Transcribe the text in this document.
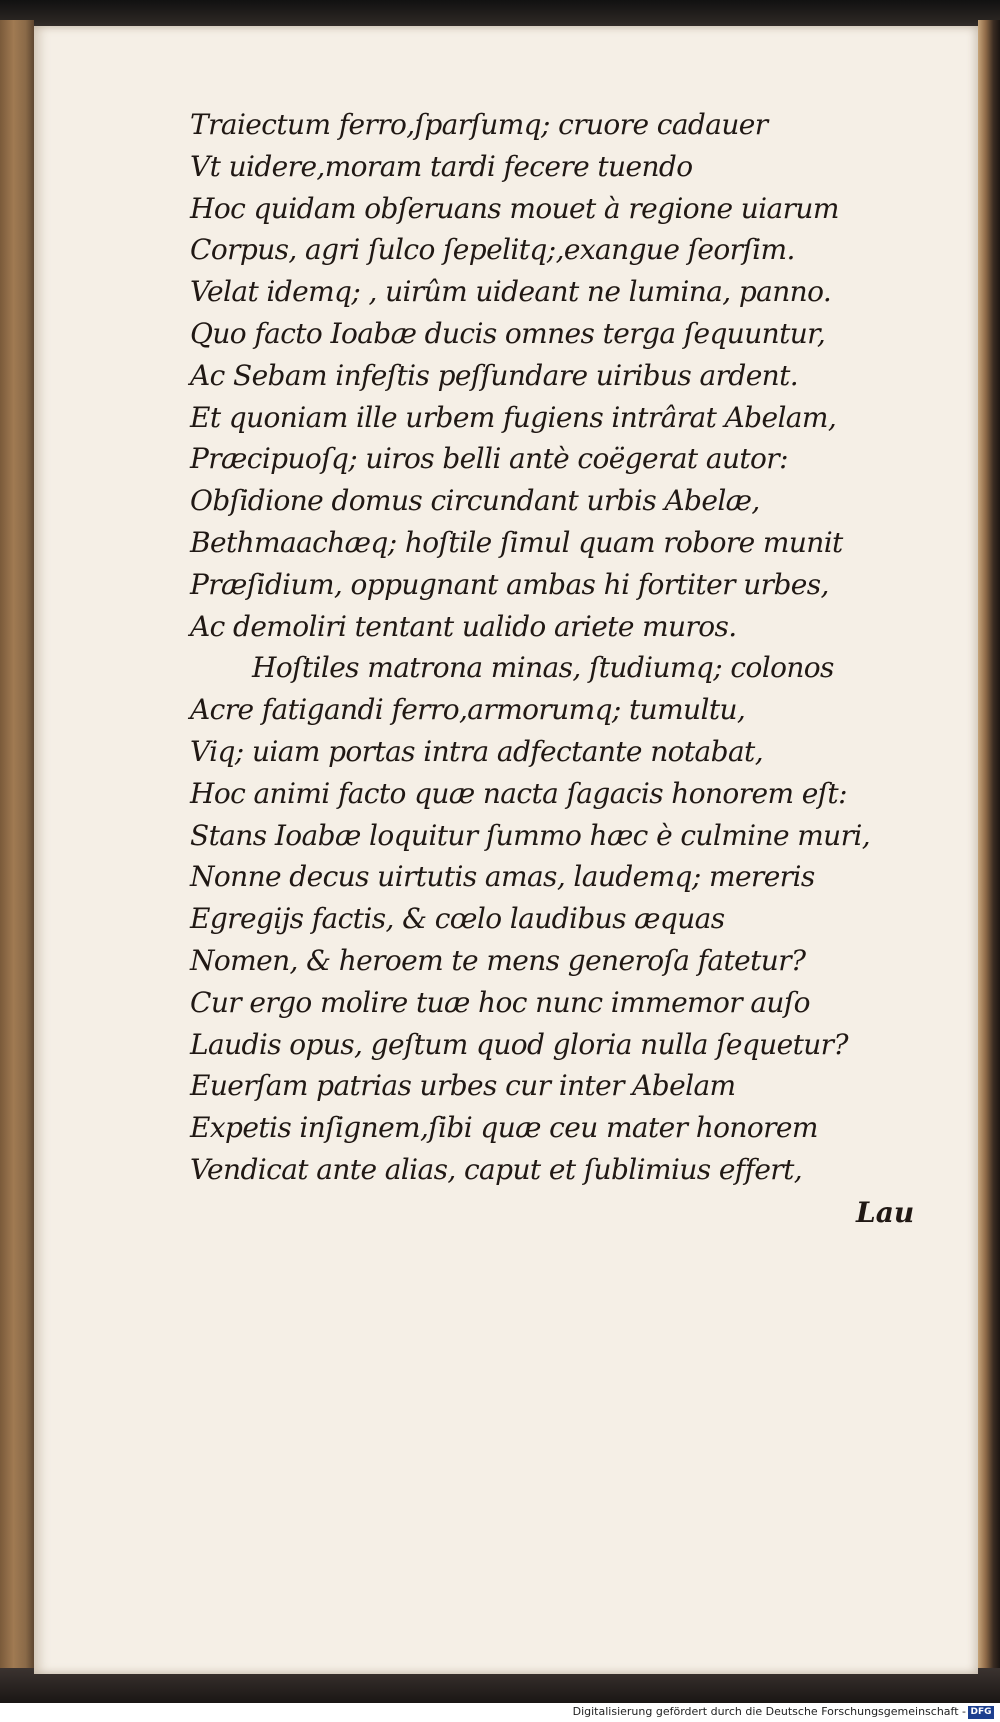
Traiectum ferro,ſparſumq; cruore cadauer
Vt uidere,moram tardi fecere tuendo
Hoc quidam obſeruans mouet à regione uiarum
Corpus, agri ſulco ſepelitq;,exangue ſeorſim.
Velat idemq; , uirûm uideant ne lumina, panno.
Quo facto Ioabæ ducis omnes terga ſequuntur,
Ac Sebam infeſtis peſſundare uiribus ardent.
Et quoniam ille urbem fugiens intrârat Abelam,
Præcipuoſq; uiros belli antè coëgerat autor:
Obſidione domus circundant urbis Abelæ,
Bethmaachæq; hoſtile ſimul quam robore munit
Præſidium, oppugnant ambas hi fortiter urbes,
Ac demoliri tentant ualido ariete muros.
Hoſtiles matrona minas, ſtudiumq; colonos
Acre fatigandi ferro,armorumq; tumultu,
Viq; uiam portas intra adfectante notabat,
Hoc animi facto quæ nacta ſagacis honorem eſt:
Stans Ioabæ loquitur ſummo hæc è culmine muri,
Nonne decus uirtutis amas, laudemq; mereris
Egregijs factis, & cœlo laudibus æquas
Nomen, & heroem te mens generoſa fatetur?
Cur ergo molire tuæ hoc nunc immemor auſo
Laudis opus, geſtum quod gloria nulla ſequetur?
Euerſam patrias urbes cur inter Abelam
Expetis inſignem,ſibi quæ ceu mater honorem
Vendicat ante alias, caput et ſublimius effert,
Lau
Digitalisierung gefördert durch die Deutsche Forschungsgemeinschaft - DFG
